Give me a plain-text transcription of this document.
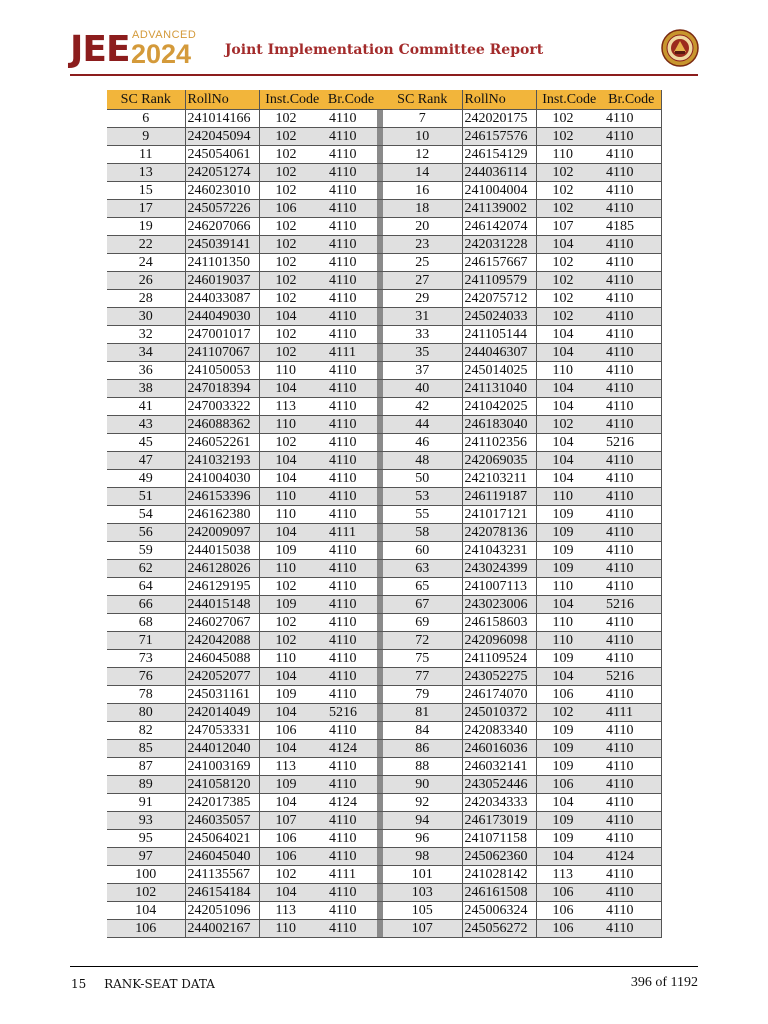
JEE ADVANCED
2024	Joint Implementation Committee Report
SC Rank	RollNo	Inst.Code	Br.Code		SC Rank	RollNo	Inst.Code	Br.Code
6	241014166	102	4110		7	242020175	102	4110
9	242045094	102	4110		10	246157576	102	4110
11	245054061	102	4110		12	246154129	110	4110
13	242051274	102	4110		14	244036114	102	4110
15	246023010	102	4110		16	241004004	102	4110
17	245057226	106	4110		18	241139002	102	4110
19	246207066	102	4110		20	246142074	107	4185
22	245039141	102	4110		23	242031228	104	4110
24	241101350	102	4110		25	246157667	102	4110
26	246019037	102	4110		27	241109579	102	4110
28	244033087	102	4110		29	242075712	102	4110
30	244049030	104	4110		31	245024033	102	4110
32	247001017	102	4110		33	241105144	104	4110
34	241107067	102	4111		35	244046307	104	4110
36	241050053	110	4110		37	245014025	110	4110
38	247018394	104	4110		40	241131040	104	4110
41	247003322	113	4110		42	241042025	104	4110
43	246088362	110	4110		44	246183040	102	4110
45	246052261	102	4110		46	241102356	104	5216
47	241032193	104	4110		48	242069035	104	4110
49	241004030	104	4110		50	242103211	104	4110
51	246153396	110	4110		53	246119187	110	4110
54	246162380	110	4110		55	241017121	109	4110
56	242009097	104	4111		58	242078136	109	4110
59	244015038	109	4110		60	241043231	109	4110
62	246128026	110	4110		63	243024399	109	4110
64	246129195	102	4110		65	241007113	110	4110
66	244015148	109	4110		67	243023006	104	5216
68	246027067	102	4110		69	246158603	110	4110
71	242042088	102	4110		72	242096098	110	4110
73	246045088	110	4110		75	241109524	109	4110
76	242052077	104	4110		77	243052275	104	5216
78	245031161	109	4110		79	246174070	106	4110
80	242014049	104	5216		81	245010372	102	4111
82	247053331	106	4110		84	242083340	109	4110
85	244012040	104	4124		86	246016036	109	4110
87	241003169	113	4110		88	246032141	109	4110
89	241058120	109	4110		90	243052446	106	4110
91	242017385	104	4124		92	242034333	104	4110
93	246035057	107	4110		94	246173019	109	4110
95	245064021	106	4110		96	241071158	109	4110
97	246045040	106	4110		98	245062360	104	4124
100	241135567	102	4111		101	241028142	113	4110
102	246154184	104	4110		103	246161508	106	4110
104	242051096	113	4110		105	245006324	106	4110
106	244002167	110	4110		107	245056272	106	4110
15 RANK-SEAT DATA	396 of 1192
